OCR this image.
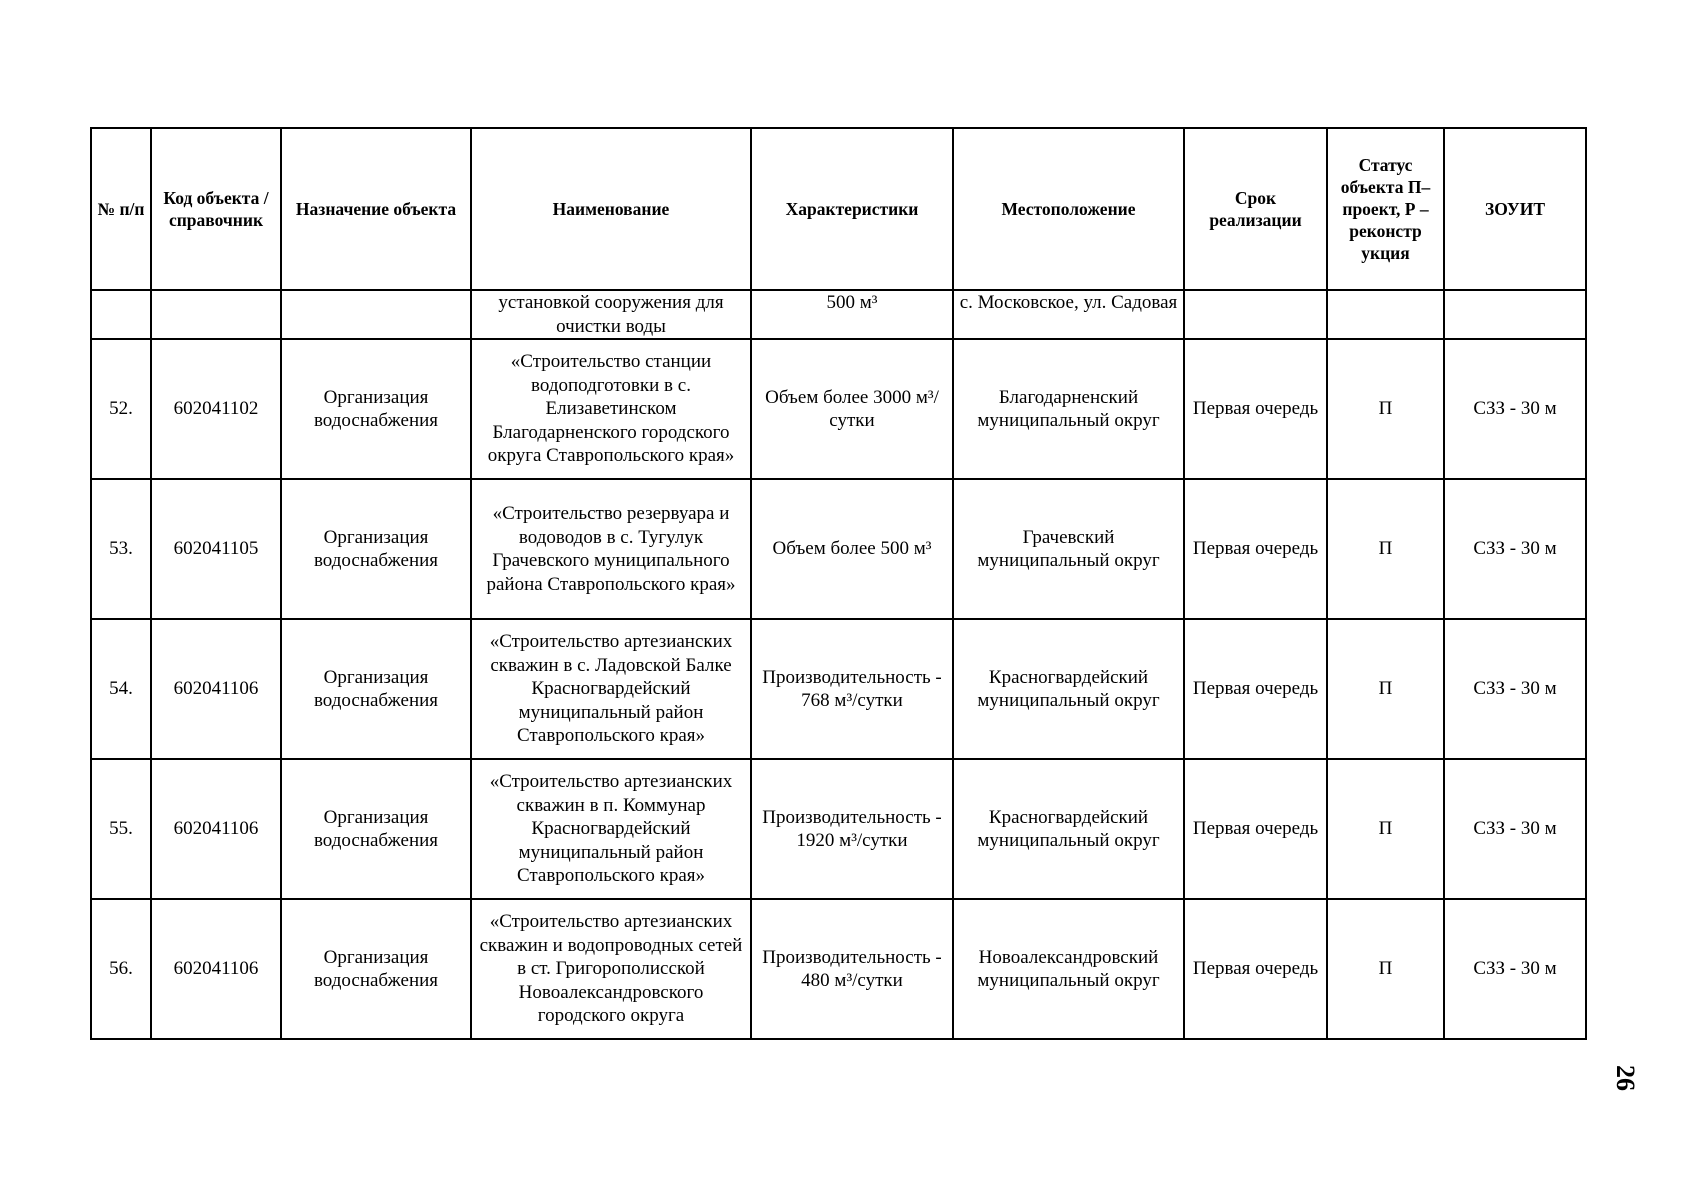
№ п/п	Код объекта / справочник	Назначение объекта	Наименование	Характеристики	Местоположение	Срок реализации	Статус объекта П– проект, Р – реконстр укция	ЗОУИТ
			установкой сооружения для очистки воды	500 м³	с. Московское, ул. Садовая			
52.	602041102	Организация водоснабжения	«Строительство станции водоподготовки в с. Елизаветинском Благодарненского городского округа Ставропольского края»	Объем более 3000 м³/сутки	Благодарненский муниципальный округ	Первая очередь	П	СЗЗ - 30 м
53.	602041105	Организация водоснабжения	«Строительство резервуара и водоводов в с. Тугулук Грачевского муниципального района Ставропольского края»	Объем более 500 м³	Грачевский муниципальный округ	Первая очередь	П	СЗЗ - 30 м
54.	602041106	Организация водоснабжения	«Строительство артезианских скважин в с. Ладовской Балке Красногвардейский муниципальный район Ставропольского края»	Производительность - 768 м³/сутки	Красногвардейский муниципальный округ	Первая очередь	П	СЗЗ - 30 м
55.	602041106	Организация водоснабжения	«Строительство артезианских скважин в п. Коммунар Красногвардейский муниципальный район Ставропольского края»	Производительность - 1920 м³/сутки	Красногвардейский муниципальный округ	Первая очередь	П	СЗЗ - 30 м
56.	602041106	Организация водоснабжения	«Строительство артезианских скважин и водопроводных сетей в ст. Григорополисской Новоалександровского городского округа	Производительность - 480 м³/сутки	Новоалександровский муниципальный округ	Первая очередь	П	СЗЗ - 30 м
26
